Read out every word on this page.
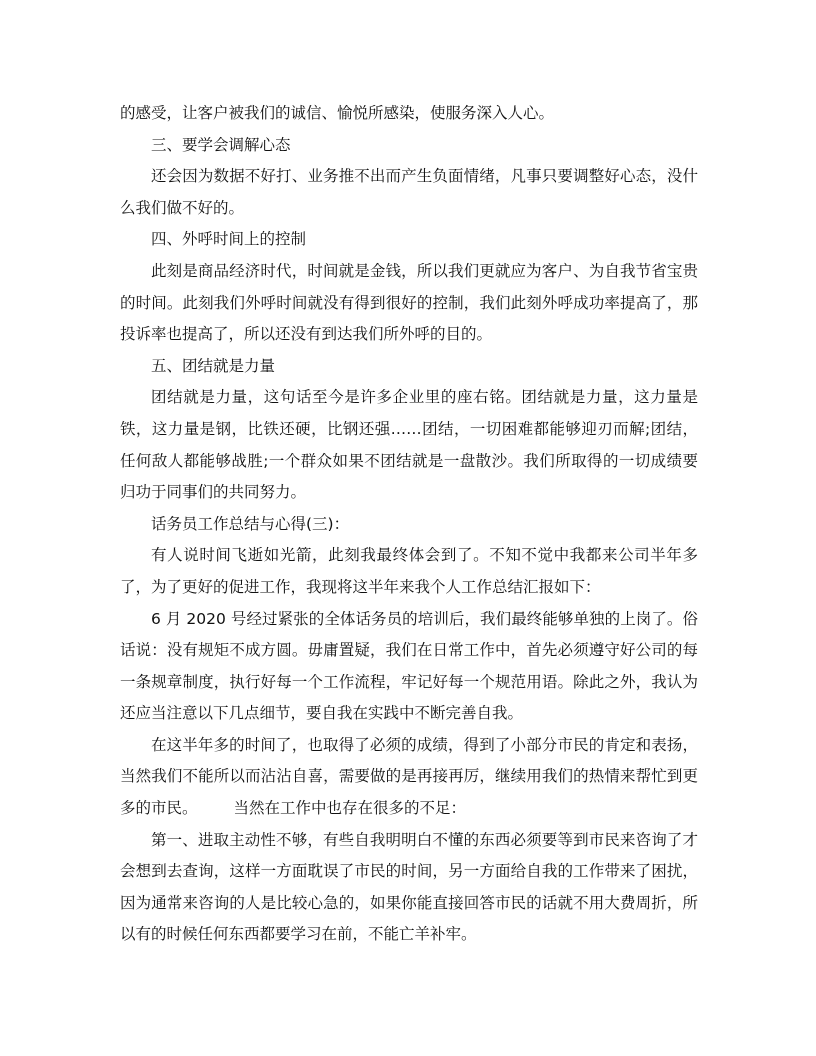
的感受，让客户被我们的诚信、愉悦所感染，使服务深入人心。

三、要学会调解心态

还会因为数据不好打、业务推不出而产生负面情绪，凡事只要调整好心态，没什么我们做不好的。

四、外呼时间上的控制

此刻是商品经济时代，时间就是金钱，所以我们更就应为客户、为自我节省宝贵的时间。此刻我们外呼时间就没有得到很好的控制，我们此刻外呼成功率提高了，那投诉率也提高了，所以还没有到达我们所外呼的目的。

五、团结就是力量

团结就是力量，这句话至今是许多企业里的座右铭。团结就是力量，这力量是铁，这力量是钢，比铁还硬，比钢还强……团结，一切困难都能够迎刃而解;团结，任何敌人都能够战胜;一个群众如果不团结就是一盘散沙。我们所取得的一切成绩要归功于同事们的共同努力。

话务员工作总结与心得(三)：

有人说时间飞逝如光箭，此刻我最终体会到了。不知不觉中我都来公司半年多了，为了更好的促进工作，我现将这半年来我个人工作总结汇报如下：

6 月 2020 号经过紧张的全体话务员的培训后，我们最终能够单独的上岗了。俗话说：没有规矩不成方圆。毋庸置疑，我们在日常工作中，首先必须遵守好公司的每一条规章制度，执行好每一个工作流程，牢记好每一个规范用语。除此之外，我认为还应当注意以下几点细节，要自我在实践中不断完善自我。

在这半年多的时间了，也取得了必须的成绩，得到了小部分市民的肯定和表扬，当然我们不能所以而沾沾自喜，需要做的是再接再厉，继续用我们的热情来帮忙到更多的市民。 当然在工作中也存在很多的不足：

第一、进取主动性不够，有些自我明明白不懂的东西必须要等到市民来咨询了才会想到去查询，这样一方面耽误了市民的时间，另一方面给自我的工作带来了困扰，因为通常来咨询的人是比较心急的，如果你能直接回答市民的话就不用大费周折，所以有的时候任何东西都要学习在前，不能亡羊补牢。
